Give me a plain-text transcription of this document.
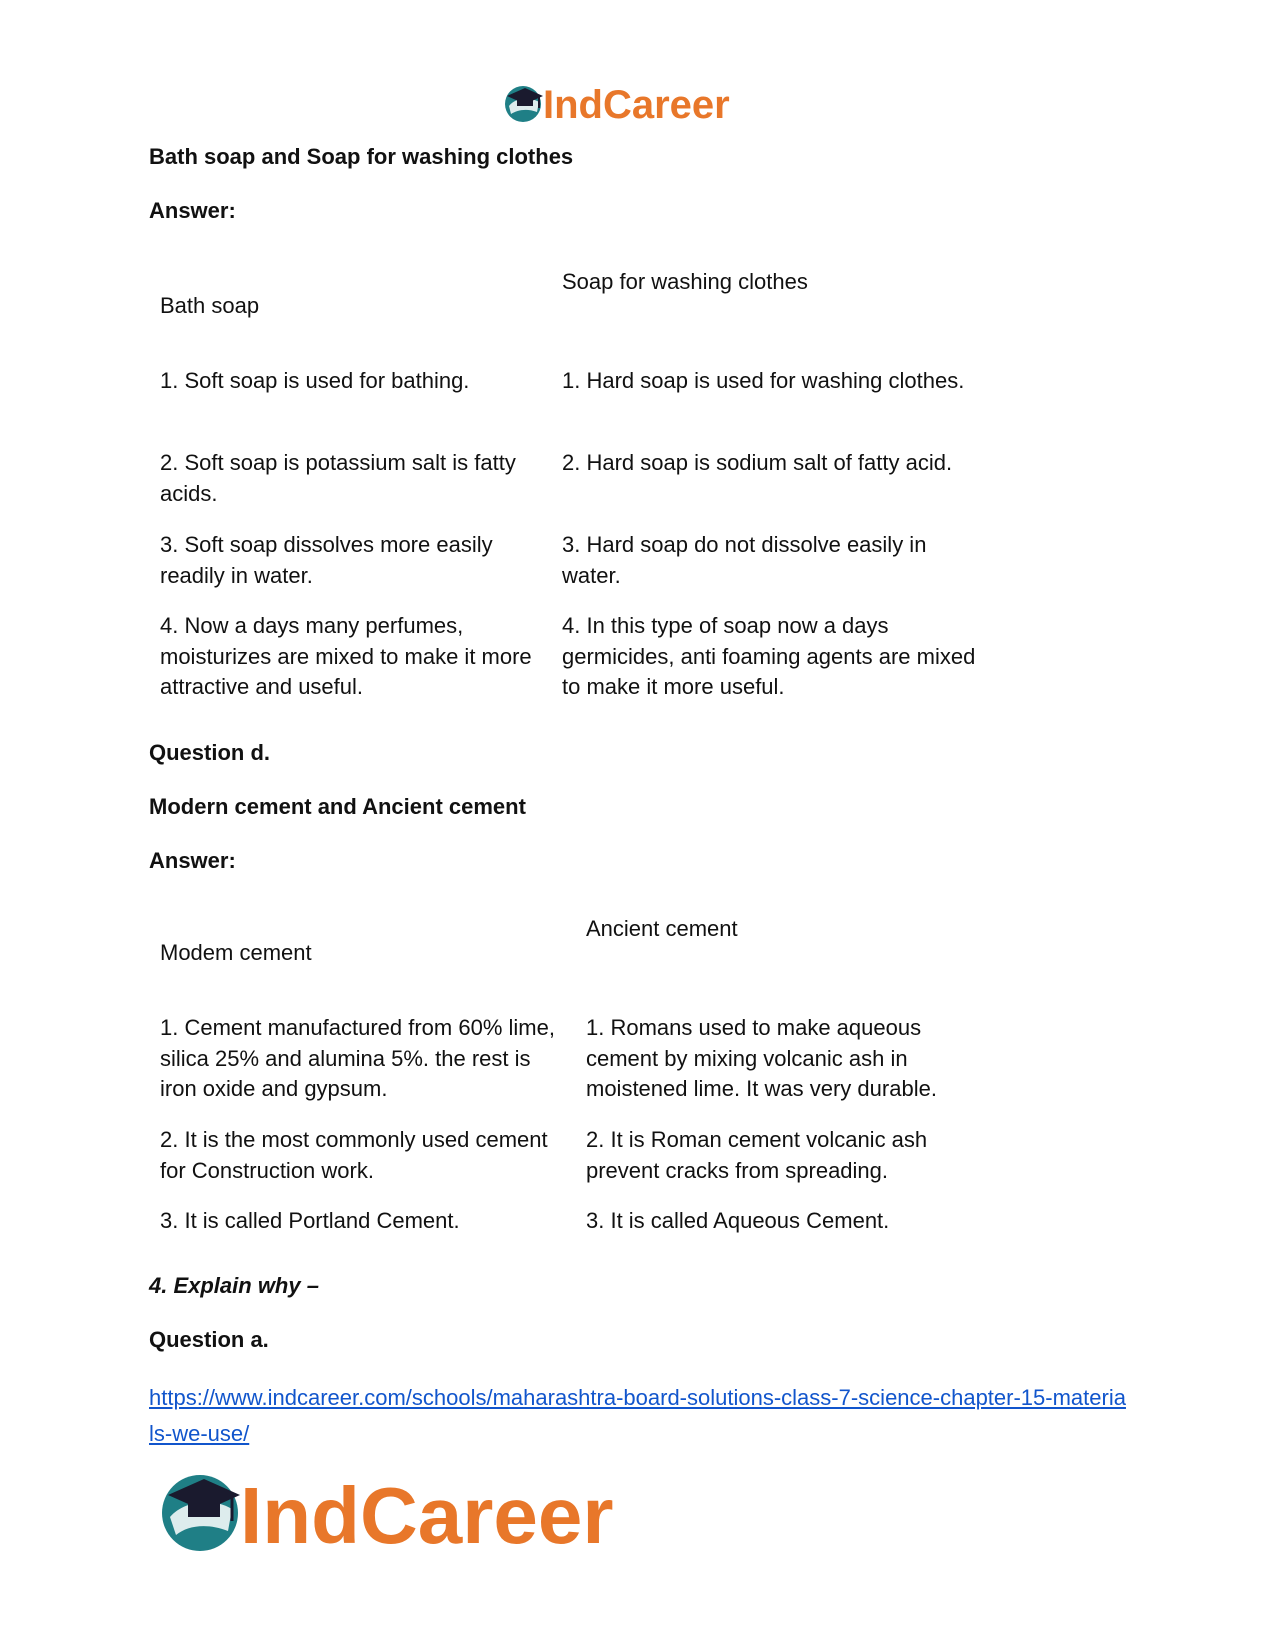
IndCareer
Bath soap and Soap for washing clothes
Answer:

Soap for washing clothes

Bath soap

1. Soft soap is used for bathing.	1. Hard soap is used for washing clothes.

2. Soft soap is potassium salt is fatty acids.

2. Hard soap is sodium salt of fatty acid.

3. Soft soap dissolves more easily readily in water.

3. Hard soap do not dissolve easily in water.

4. Now a days many perfumes, moisturizes are mixed to make it more attractive and useful.

4. In this type of soap now a days germicides, anti foaming agents are mixed to make it more useful.

Question d.
Modern cement and Ancient cement
Answer:

Ancient cement

Modem cement

1. Cement manufactured from 60% lime, silica 25% and alumina 5%. the rest is iron oxide and gypsum.

1. Romans used to make aqueous cement by mixing volcanic ash in moistened lime. It was very durable.

2. It is the most commonly used cement for Construction work.

2. It is Roman cement volcanic ash prevent cracks from spreading.

3. It is called Portland Cement.	3. It is called Aqueous Cement.

4. Explain why –
Question a.
https://www.indcareer.com/schools/maharashtra-board-solutions-class-7-science-chapter-15-materials-we-use/
IndCareer
